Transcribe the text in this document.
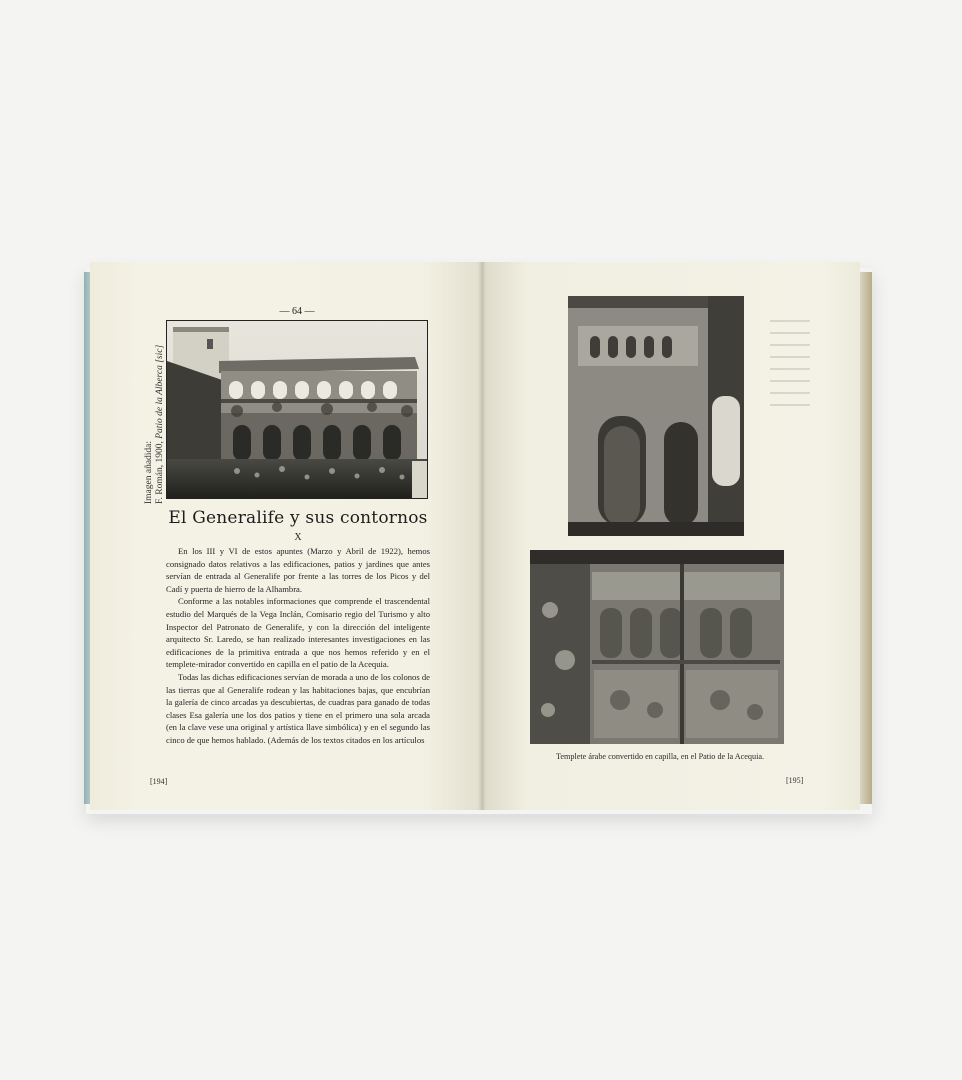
— 64 —
Imagen añadida: F. Román, 1900, Patio de la Alberca [sic]
El Generalife y sus contornos
X

En los III y VI de estos apuntes (Marzo y Abril de 1922), hemos consignado datos relativos a las edificaciones, patios y jardines que antes servían de entrada al Generalife por frente a las torres de los Picos y del Cadí y puerta de hierro de la Alhambra.

Conforme a las notables informaciones que comprende el trascendental estudio del Marqués de la Vega Inclán, Comisario regio del Turismo y alto Inspector del Patronato de Generalife, y con la dirección del inteligente arquitecto Sr. Laredo, se han realizado interesantes investigaciones en las edificaciones de la primitiva entrada a que nos hemos referido y en el templete-mirador convertido en capilla en el patio de la Acequia.

Todas las dichas edificaciones servían de morada a uno de los colonos de las tierras que al Generalife rodean y las habitaciones bajas, que encubrían la galería de cinco arcadas ya descubiertas, de cuadras para ganado de todas clases Esa galería une los dos patios y tiene en el primero una sola arcada (en la clave vese una original y artística llave simbólica) y en el segundo las cinco de que hemos hablado. (Además de los textos citados en los artículos

[194]
Templete árabe convertido en capilla, en el Patio de la Acequia.
[195]
